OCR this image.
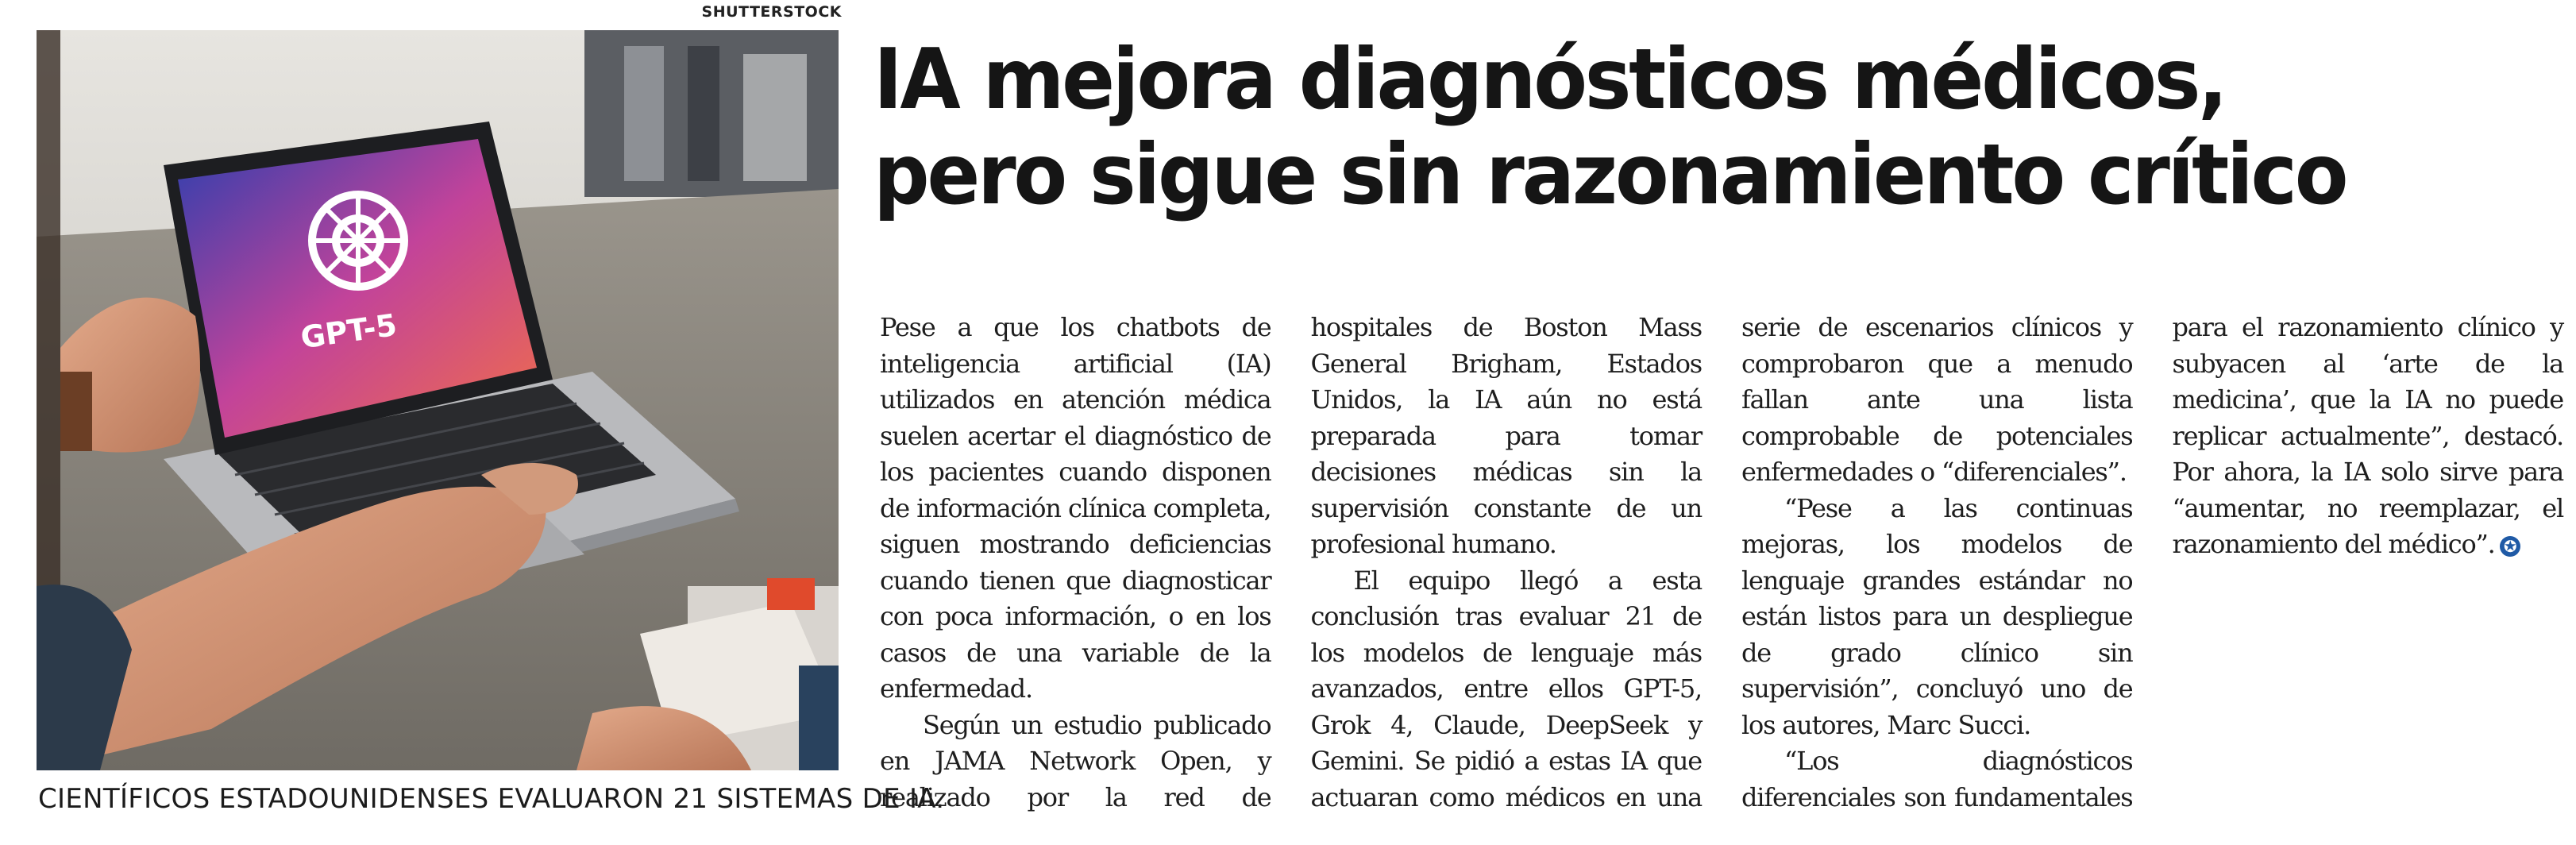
SHUTTERSTOCK
GPT-5
CIENTÍFICOS ESTADOUNIDENSES EVALUARON 21 SISTEMAS DE IA.
IA mejora diagnósticos médicos,
pero sigue sin razonamiento crítico

Pese a que los chatbots de inteligencia artificial (IA) utilizados en atención médica suelen acertar el diagnóstico de los pacientes cuando disponen de información clínica completa, siguen mostrando deficiencias cuando tienen que diagnosticar con poca información, o en los casos de una variable de la enfermedad.

Según un estudio publicado en JAMA Network Open, y realizado por la red de hospitales de Boston Mass General Brigham, Estados Unidos, la IA aún no está preparada para tomar decisiones médicas sin la supervisión constante de un profesional humano.

El equipo llegó a esta conclusión tras evaluar 21 de los modelos de lenguaje más avanzados, entre ellos GPT-5, Grok 4, Claude, DeepSeek y Gemini. Se pidió a estas IA que actuaran como médicos en una serie de escenarios clínicos y comprobaron que a menudo fallan ante una lista comprobable de potenciales enfermedades o “diferenciales”.

“Pese a las continuas mejoras, los modelos de lenguaje grandes estándar no están listos para un despliegue de grado clínico sin supervisión”, concluyó uno de los autores, Marc Succi.

“Los diagnósticos diferenciales son fundamentales para el razonamiento clínico y subyacen al ‘arte de la medicina’, que la IA no puede replicar actualmente”, destacó. Por ahora, la IA solo sirve para “aumentar, no reemplazar, el razonamiento del médico”. ✪
